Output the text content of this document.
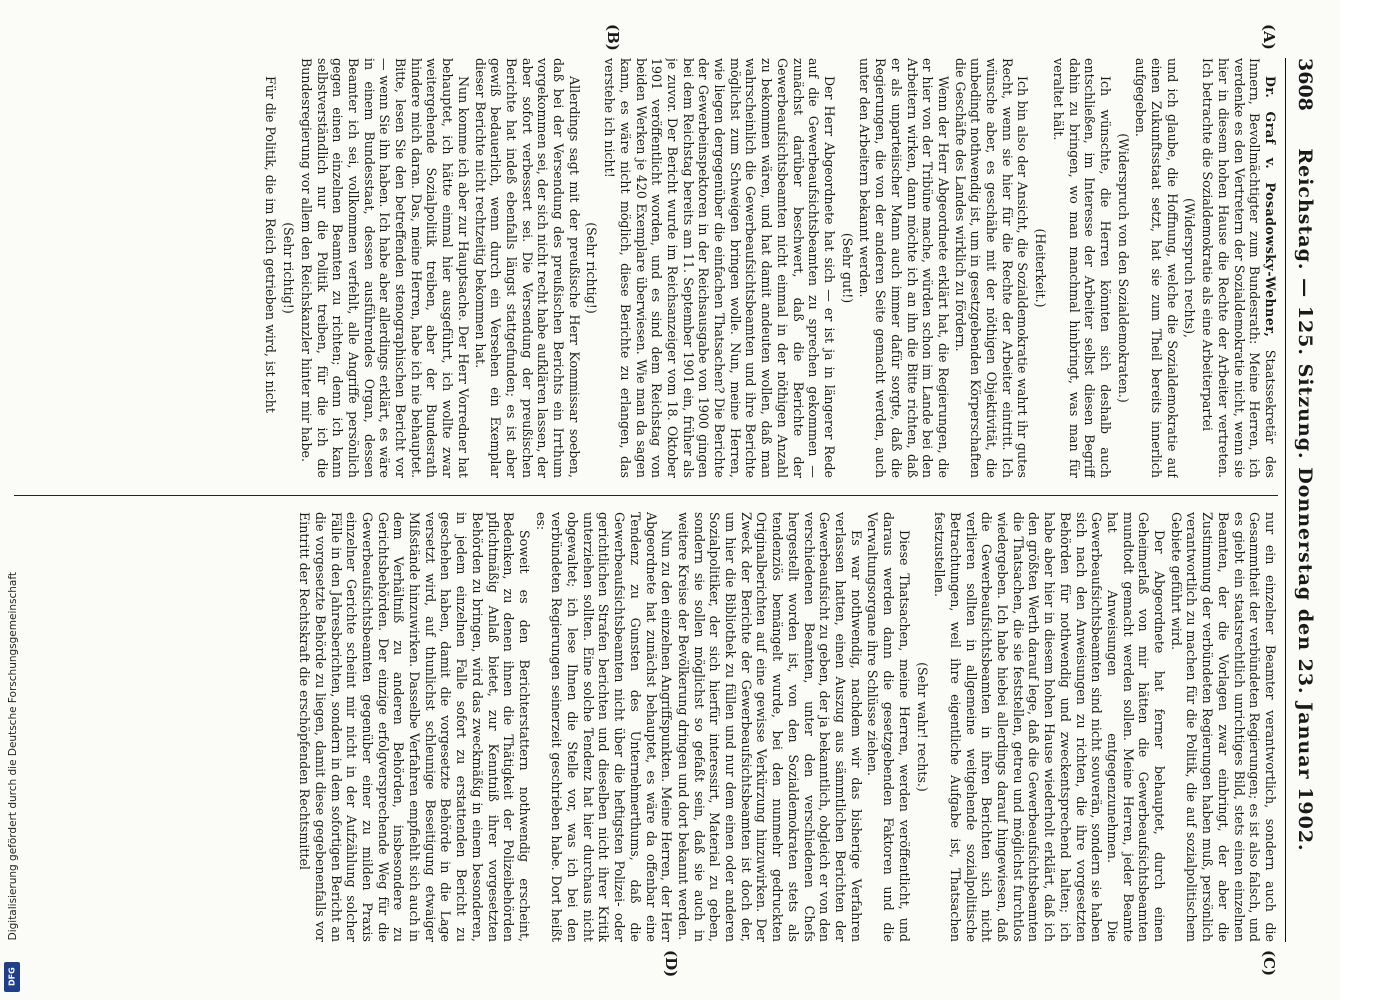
3608
Reichstag. — 125. Sitzung. Donnerstag den 23. Januar 1902.
(A)
(B)
(C)
(D)

Dr. Graf v. Posadowsky-Wehner, Staatssekretär des Innern, Bevollmächtigter zum Bundesrath: Meine Herren, ich verdenke es den Vertretern der Sozialdemokratie nicht, wenn sie hier in diesem hohen Hause die Rechte der Arbeiter vertreten. Ich betrachte die Sozialdemokratie als eine Arbeiterpartei

(Widerspruch rechts),

und ich glaube, die Hoffnung, welche die Sozialdemokratie auf einen Zukunftsstaat setzt, hat sie zum Theil bereits innerlich aufgegeben.

(Widerspruch von den Sozialdemokraten.)

Ich wünschte, die Herren könnten sich deshalb auch entschließen, im Interesse der Arbeiter selbst diesen Begriff dahin zu bringen, wo man manchmal hinbringt, was man für veraltet hält.

(Heiterkeit.)

Ich bin also der Ansicht, die Sozialdemokratie wahrt ihr gutes Recht, wenn sie hier für die Rechte der Arbeiter eintritt. Ich wünsche aber, es geschähe mit der nöthigen Objektivität, die unbedingt nothwendig ist, um in gesetzgebenden Körperschaften die Geschäfte des Landes wirklich zu fördern.

Wenn der Herr Abgeordnete erklärt hat, die Regierungen, die er hier von der Tribüne mache, würden schon im Lande bei den Arbeitern wirken, dann möchte ich an ihn die Bitte richten, daß er als unparteiischer Mann auch immer dafür sorgte, daß die Regierungen, die von der anderen Seite gemacht werden, auch unter den Arbeitern bekannt werden.

(Sehr gut!)

Der Herr Abgeordnete hat sich — er ist ja in längerer Rede auf die Gewerbeaufsichtsbeamten zu sprechen gekommen — zunächst darüber beschwert, daß die Berichte der Gewerbeaufsichtsbeamten nicht einmal in der nöthigen Anzahl zu bekommen wären, und hat damit andeuten wollen, daß man wahrscheinlich die Gewerbeaufsichtsbeamten und ihre Berichte möglichst zum Schweigen bringen wolle. Nun, meine Herren, wie liegen dergegenüber die einfachen Thatsachen? Die Berichte der Gewerbeinspektoren in der Reichsausgabe von 1900 gingen bei dem Reichstag bereits am 11. September 1901 ein, früher als je zuvor. Der Bericht wurde im Reichsanzeiger vom 18. Oktober 1901 veröffentlicht worden, und es sind dem Reichstag von beiden Werken je 420 Exemplare überwiesen. Wie man da sagen kann, es wäre nicht möglich, diese Berichte zu erlangen, das verstehe ich nicht!

(Sehr richtig!)

Allerdings sagt mit der preußische Herr Kommissar soeben, daß bei der Versendung des preußischen Berichts ein Irrthum vorgekommen sei, der sich nicht recht habe aufklären lassen, der aber sofort verbessert sei. Die Versendung der preußischen Berichte hat indeß ebenfalls längst stattgefunden; es ist aber gewiß bedauerlich, wenn durch ein Versehen ein Exemplar dieser Berichte nicht rechtzeitig bekommen hat.

Nun komme ich aber zur Hauptsache. Der Herr Vorredner hat behauptet, ich hätte einmal hier ausgeführt, ich wollte zwar weitergehende Sozialpolitik treiben, aber der Bundesrath hindere mich daran. Das, meine Herren, habe ich nie behauptet. Bitte, lesen Sie den betreffenden stenographischen Bericht vor — wenn Sie ihn haben. Ich habe aber allerdings erklärt, es wäre in einem Bundesstaat, dessen ausführendes Organ, dessen Beamter ich sei, vollkommen verfehlt, alle Angriffe persönlich gegen einen einzelnen Beamten zu richten; denn ich kann selbstverständlich nur die Politik treiben, für die ich die Bundesregierung vor allem den Reichskanzler hinter mir habe.

(Sehr richtig!)

Für die Politik, die im Reich getrieben wird, ist nicht

nur ein einzelner Beamter verantwortlich, sondern auch die Gesammtheit der verbündeten Regierungen; es ist also falsch, und es giebt ein staatsrechtlich unrichtiges Bild, stets einen einzelnen Beamten, der die Vorlagen zwar einbringt, der aber die Zustimmung der verbündeten Regierungen haben muß, persönlich verantwortlich zu machen für die Politik, die auf sozialpolitischem Gebiete geführt wird.

Der Abgeordnete hat ferner behauptet, durch einen Geheimerlaß von mir hätten die Gewerbeaufsichtsbeamten mundtodt gemacht werden sollen. Meine Herren, jeder Beamte hat Anweisungen entgegenzunehmen. Die Gewerbeaufsichtsbeamten sind nicht souverän, sondern sie haben sich nach den Anweisungen zu richten, die ihre vorgesetzten Behörden für nothwendig und zweckentsprechend halten; ich habe aber hier in diesem hohen Hause wiederholt erklärt, daß ich den größten Werth darauf lege, daß die Gewerbeaufsichtsbeamten die Thatsachen, die sie feststellen, getreu und möglichst furchtlos wiedergeben. Ich habe hiebei allerdings darauf hingewiesen, daß die Gewerbeaufsichtsbeamten in ihren Berichten sich nicht verlieren sollten in allgemeine weitgehende sozialpolitische Betrachtungen, weil ihre eigentliche Aufgabe ist, Thatsachen festzustellen.

(Sehr wahr! rechts.)

Diese Thatsachen, meine Herren, werden veröffentlicht, und daraus werden dann die gesetzgebenden Faktoren und die Verwaltungsorgane ihre Schlüsse ziehen.

Es war nothwendig, nachdem wir das bisherige Verfahren verlassen hatten, einen Auszug aus sämmtlichen Berichten der Gewerbeaufsicht zu geben, der ja bekanntlich, obgleich er von den verschiedenen Beamten, unter den verschiedenen Chefs hergestellt worden ist, von den Sozialdemokraten stets als tendenziös bemängelt wurde, bei den nunmehr gedruckten Originalberichten auf eine gewisse Verkürzung hinzuwirken. Der Zweck der Berichte der Gewerbeaufsichtsbeamten ist doch der, um hier die Bibliothek zu füllen und nur dem einen oder anderen Sozialpolitiker, der sich hierfür interessirt, Material zu geben, sondern sie sollen möglichst so gefaßt sein, daß sie auch in weitere Kreise der Bevölkerung dringen und dort bekannt werden.

Nun zu den einzelnen Angriffspunkten. Meine Herren, der Herr Abgeordnete hat zunächst behauptet, es wäre da offenbar eine Tendenz zu Gunsten des Unternehmerthums, daß die Gewerbeaufsichtsbeamten nicht über die heftigsten Polizei- oder gerichtlichen Strafen berichten und dieselben nicht ihrer Kritik unterziehen sollten. Eine solche Tendenz hat hier durchaus nicht obgewaltet; ich lese Ihnen die Stelle vor, was ich bei den verbündeten Regierungen seinerzeit geschrieben habe. Dort heißt es:

Soweit es den Berichterstattern nothwendig erscheint, Bedenken, zu denen ihnen die Thätigkeit der Polizeibehörden pflichtmäßig Anlaß bietet, zur Kenntniß ihrer vorgesetzten Behörden zu bringen, wird das zweckmäßig in einem besonderen, in jedem einzelnen Falle sofort zu erstattenden Bericht zu geschehen haben, damit die vorgesetzte Behörde in die Lage versetzt wird, auf thunlichst schleunige Beseitigung etwaiger Mißstände hinzuwirken. Dasselbe Verfahren empfiehlt sich auch in dem Verhältniß zu anderen Behörden, insbesondere zu Gerichtsbehörden. Der einzige erfolgversprechende Weg für die Gewerbeaufsichtsbeamten gegenüber einer zu milden Praxis einzelner Gerichte scheint mir nicht in der Aufzählung solcher Fälle in den Jahresberichten, sondern in dem sofortigen Bericht an die vorgesetzte Behörde zu liegen, damit diese gegebenenfalls vor Eintritt der Rechtskraft die erschöpfenden Rechtsmittel

Digitalisierung gefördert durch die Deutsche Forschungsgemeinschaft
DFG
